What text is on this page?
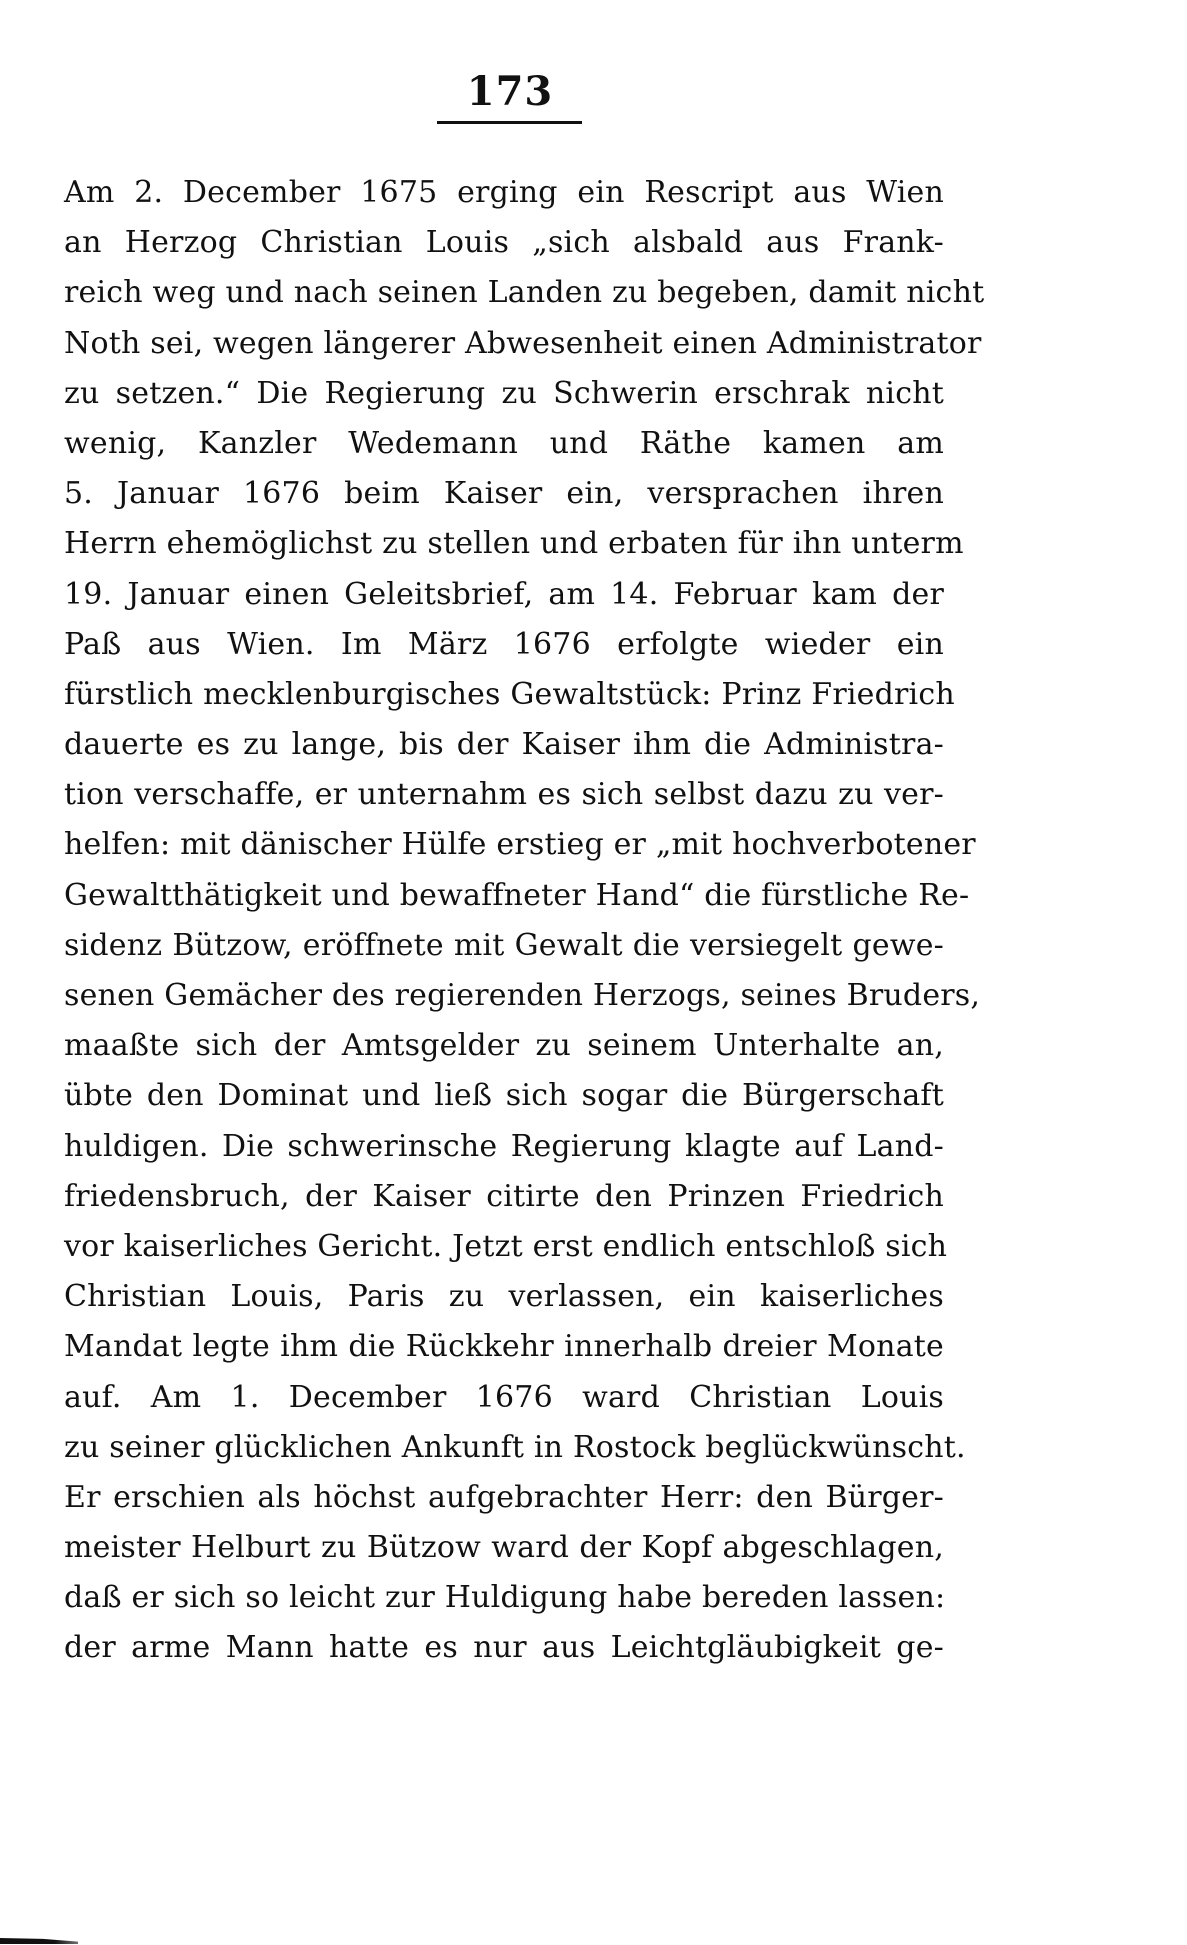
173
Am 2. December 1675 erging ein Rescript aus Wien
an Herzog Christian Louis „sich alsbald aus Frank-
reich weg und nach seinen Landen zu begeben, damit nicht
Noth sei, wegen längerer Abwesenheit einen Administrator
zu setzen.“ Die Regierung zu Schwerin erschrak nicht
wenig, Kanzler Wedemann und Räthe kamen am
5. Januar 1676 beim Kaiser ein, versprachen ihren
Herrn ehemöglichst zu stellen und erbaten für ihn unterm
19. Januar einen Geleitsbrief, am 14. Februar kam der
Paß aus Wien. Im März 1676 erfolgte wieder ein
fürstlich mecklenburgisches Gewaltstück: Prinz Friedrich
dauerte es zu lange, bis der Kaiser ihm die Administra-
tion verschaffe, er unternahm es sich selbst dazu zu ver-
helfen: mit dänischer Hülfe erstieg er „mit hochverbotener
Gewaltthätigkeit und bewaffneter Hand“ die fürstliche Re-
sidenz Bützow, eröffnete mit Gewalt die versiegelt gewe-
senen Gemächer des regierenden Herzogs, seines Bruders,
maaßte sich der Amtsgelder zu seinem Unterhalte an,
übte den Dominat und ließ sich sogar die Bürgerschaft
huldigen. Die schwerinsche Regierung klagte auf Land-
friedensbruch, der Kaiser citirte den Prinzen Friedrich
vor kaiserliches Gericht. Jetzt erst endlich entschloß sich
Christian Louis, Paris zu verlassen, ein kaiserliches
Mandat legte ihm die Rückkehr innerhalb dreier Monate
auf. Am 1. December 1676 ward Christian Louis
zu seiner glücklichen Ankunft in Rostock beglückwünscht.
Er erschien als höchst aufgebrachter Herr: den Bürger-
meister Helburt zu Bützow ward der Kopf abgeschlagen,
daß er sich so leicht zur Huldigung habe bereden lassen:
der arme Mann hatte es nur aus Leichtgläubigkeit ge-
